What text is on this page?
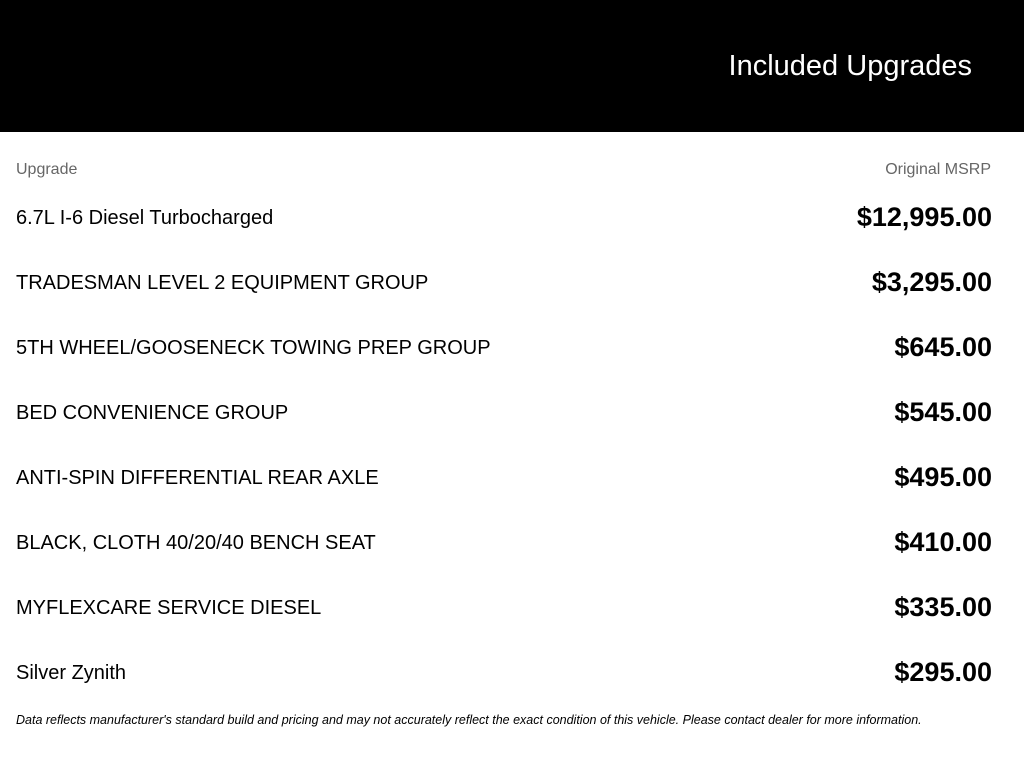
Included Upgrades
Upgrade	Original MSRP
6.7L I-6 Diesel Turbocharged	$12,995.00
TRADESMAN LEVEL 2 EQUIPMENT GROUP	$3,295.00
5TH WHEEL/GOOSENECK TOWING PREP GROUP	$645.00
BED CONVENIENCE GROUP	$545.00
ANTI-SPIN DIFFERENTIAL REAR AXLE	$495.00
BLACK, CLOTH 40/20/40 BENCH SEAT	$410.00
MYFLEXCARE SERVICE DIESEL	$335.00
Silver Zynith	$295.00
Data reflects manufacturer's standard build and pricing and may not accurately reflect the exact condition of this vehicle. Please contact dealer for more information.
